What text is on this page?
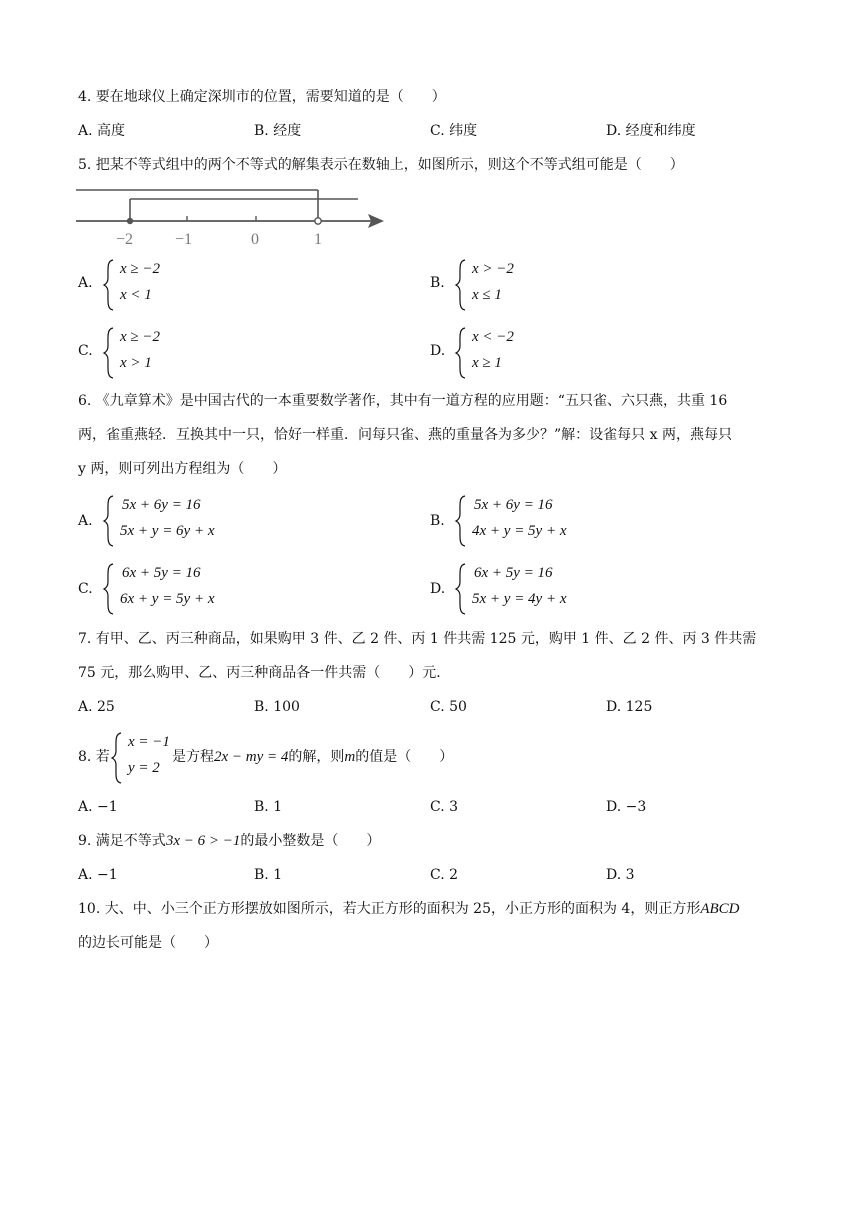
4. 要在地球仪上确定深圳市的位置，需要知道的是（　　）
A. 高度	B. 经度	C. 纬度	D. 经度和纬度
5. 把某不等式组中的两个不等式的解集表示在数轴上，如图所示，则这个不等式组可能是（　　）
−2	−1	0	1
A.
x ≥ −2
x < 1
B.
x > −2
x ≤ 1
C.
x ≥ −2
x > 1
D.
x < −2
x ≥ 1
6. 《九章算术》是中国古代的一本重要数学著作，其中有一道方程的应用题：“五只雀、六只燕，共重 16
两，雀重燕轻．互换其中一只，恰好一样重．问每只雀、燕的重量各为多少？”解：设雀每只 x 两，燕每只
y 两，则可列出方程组为（　　）
A.
5x + 6y = 16
5x + y = 6y + x
B.
5x + 6y = 16
4x + y = 5y + x
C.
6x + 5y = 16
6x + y = 5y + x
D.
6x + 5y = 16
5x + y = 4y + x
7. 有甲、乙、丙三种商品，如果购甲 3 件、乙 2 件、丙 1 件共需 125 元，购甲 1 件、乙 2 件、丙 3 件共需
75 元，那么购甲、乙、丙三种商品各一件共需（　　）元．
A. 25	B. 100	C. 50	D. 125
8. 若
x = −1
y = 2
是方程2x − my = 4的解，则m的值是（　　）
A. −1	B. 1	C. 3	D. −3
9. 满足不等式3x − 6 > −1的最小整数是（　　）
A. −1	B. 1	C. 2	D. 3
10. 大、中、小三个正方形摆放如图所示，若大正方形的面积为 25，小正方形的面积为 4，则正方形ABCD
的边长可能是（　　）
